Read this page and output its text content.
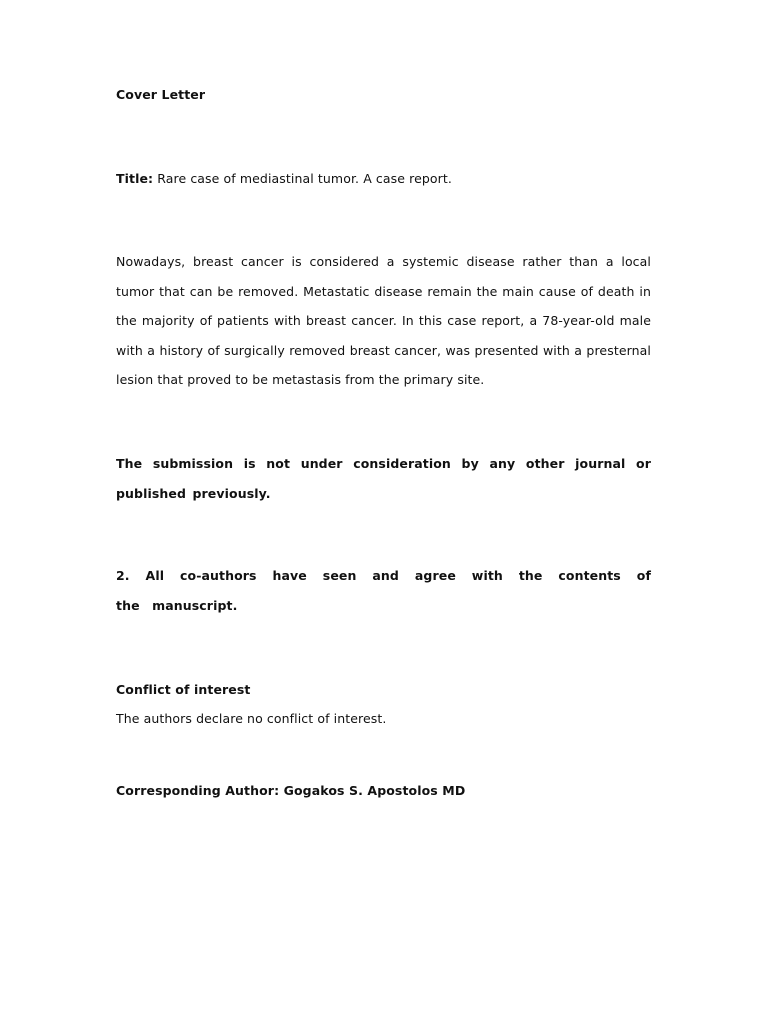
Cover Letter
Title: Rare case of mediastinal tumor. A case report.
Nowadays, breast cancer is considered a systemic disease rather than a local tumor that can be removed. Metastatic disease remain the main cause of death in the majority of patients with breast cancer. In this case report, a 78-year-old male with a history of surgically removed breast cancer, was presented with a presternal lesion that proved to be metastasis from the primary site.
The submission is not under consideration by any other journal or published previously.
2. All co-authors have seen and agree with the contents of the manuscript.
Conflict of interest
The authors declare no conflict of interest.
Corresponding Author: Gogakos S. Apostolos MD
